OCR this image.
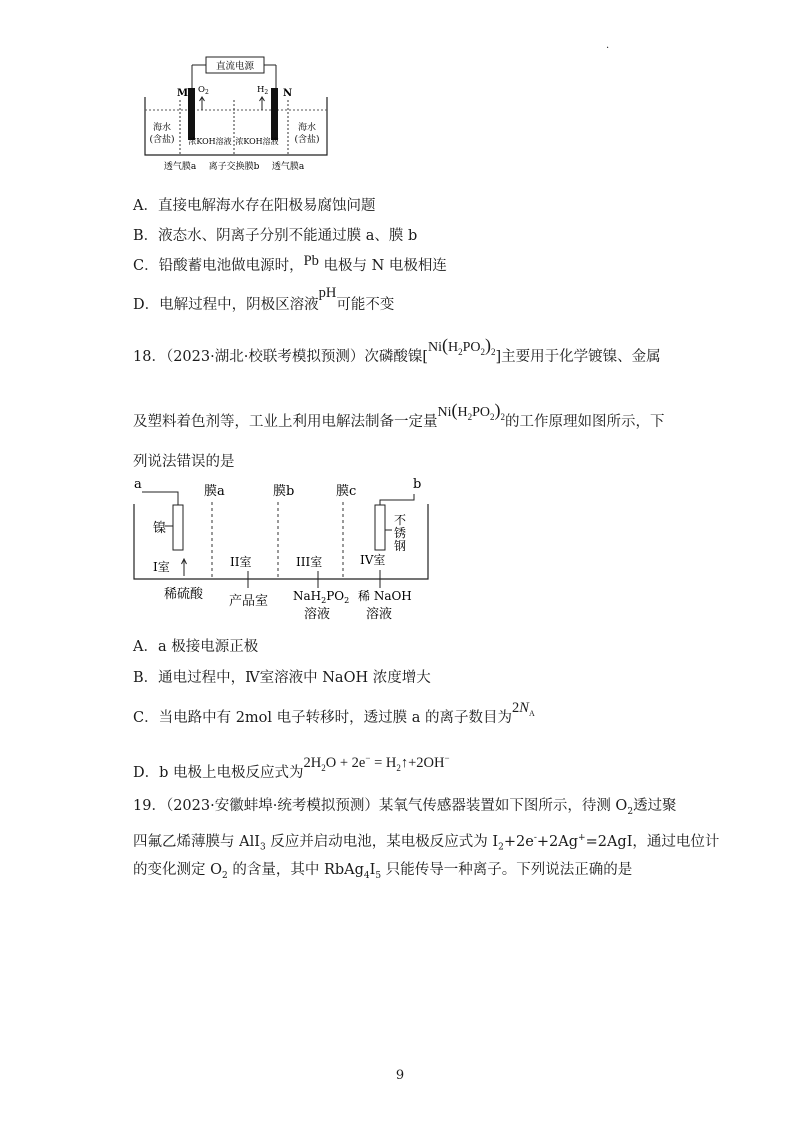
.
直流电源
M	N
$O_2$	$H_2$
海水
(含盐)
海水
(含盐)
浓KOH溶液 浓KOH溶液
透气膜a 离子交换膜b 透气膜a
A．直接电解海水存在阳极易腐蚀问题
B．液态水、阴离子分别不能通过膜 a、膜 b
C．铅酸蓄电池做电源时，Pb 电极与 N 电极相连
D．电解过程中，阴极区溶液pH可能不变
18．（2023·湖北·校联考模拟预测）次磷酸镍$[Ni(H_2PO_2)_2]$主要用于化学镀镍、金属
及塑料着色剂等，工业上利用电解法制备一定量$Ni(H_2PO_2)_2$的工作原理如图所示，下
列说法错误的是
a	b
镍
不
锈
钢
膜a	膜b	膜c
I室	II室	III室	IV室
稀硫酸 产品室 $NaH_2PO_2$
溶液
稀 NaOH
溶液
A．a 极接电源正极
B．通电过程中，Ⅳ室溶液中 NaOH 浓度增大
C．当电路中有 2mol 电子转移时，透过膜 a 的离子数目为$2N_A$
D．b 电极上电极反应式为$2H_2O + 2e^-$ = $H_2↑+2OH^-$
19．（2023·安徽蚌埠·统考模拟预测）某氧气传感器装置如下图所示，待测 $O_2$透过聚
四氟乙烯薄膜与 AlI$_3$ 反应并启动电池，某电极反应式为 $I_2+2e^-+2Ag^+=2AgI$，通过电位计
的变化测定 $O_2$ 的含量，其中 $RbAg_4I_5$ 只能传导一种离子。下列说法正确的是
9
